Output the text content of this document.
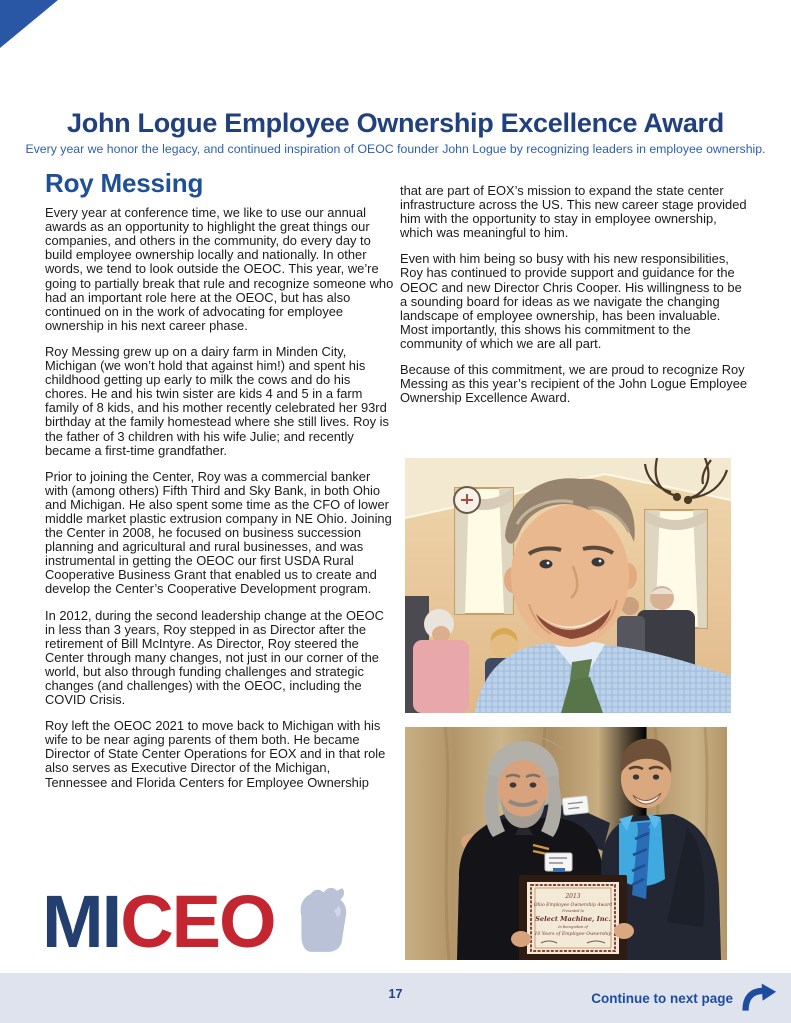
John Logue Employee Ownership Excellence Award
Every year we honor the legacy, and continued inspiration of OEOC founder John Logue by recognizing leaders in employee ownership.
Roy Messing

Every year at conference time, we like to use our annual awards as an opportunity to highlight the great things our companies, and others in the community, do every day to build employee ownership locally and nationally. In other words, we tend to look outside the OEOC. This year, we’re going to partially break that rule and recognize someone who had an important role here at the OEOC, but has also continued on in the work of advocating for employee ownership in his next career phase.

Roy Messing grew up on a dairy farm in Minden City, Michigan (we won’t hold that against him!) and spent his childhood getting up early to milk the cows and do his chores. He and his twin sister are kids 4 and 5 in a farm family of 8 kids, and his mother recently celebrated her 93rd birthday at the family homestead where she still lives. Roy is the father of 3 children with his wife Julie; and recently became a first-time grandfather.

Prior to joining the Center, Roy was a commercial banker with (among others) Fifth Third and Sky Bank, in both Ohio and Michigan. He also spent some time as the CFO of lower middle market plastic extrusion company in NE Ohio. Joining the Center in 2008, he focused on business succession planning and agricultural and rural businesses, and was instrumental in getting the OEOC our first USDA Rural Cooperative Business Grant that enabled us to create and develop the Center’s Cooperative Development program.

In 2012, during the second leadership change at the OEOC in less than 3 years, Roy stepped in as Director after the retirement of Bill McIntyre. As Director, Roy steered the Center through many changes, not just in our corner of the world, but also through funding challenges and strategic changes (and challenges) with the OEOC, including the COVID Crisis.

Roy left the OEOC 2021 to move back to Michigan with his wife to be near aging parents of them both. He became Director of State Center Operations for EOX and in that role also serves as Executive Director of the Michigan, Tennessee and Florida Centers for Employee Ownership

that are part of EOX’s mission to expand the state center infrastructure across the US. This new career stage provided him with the opportunity to stay in employee ownership, which was meaningful to him.

Even with him being so busy with his new responsibilities, Roy has continued to provide support and guidance for the OEOC and new Director Chris Cooper. His willingness to be a sounding board for ideas as we navigate the changing landscape of employee ownership, has been invaluable. Most importantly, this shows his commitment to the community of which we are all part.

Because of this commitment, we are proud to recognize Roy Messing as this year’s recipient of the John Logue Employee Ownership Excellence Award.

2013
Ohio Employee Ownership Award
Presented to
Select Machine, Inc.
In Recognition of
10 Years of Employee Ownership
MICEO
17	Continue to next page
